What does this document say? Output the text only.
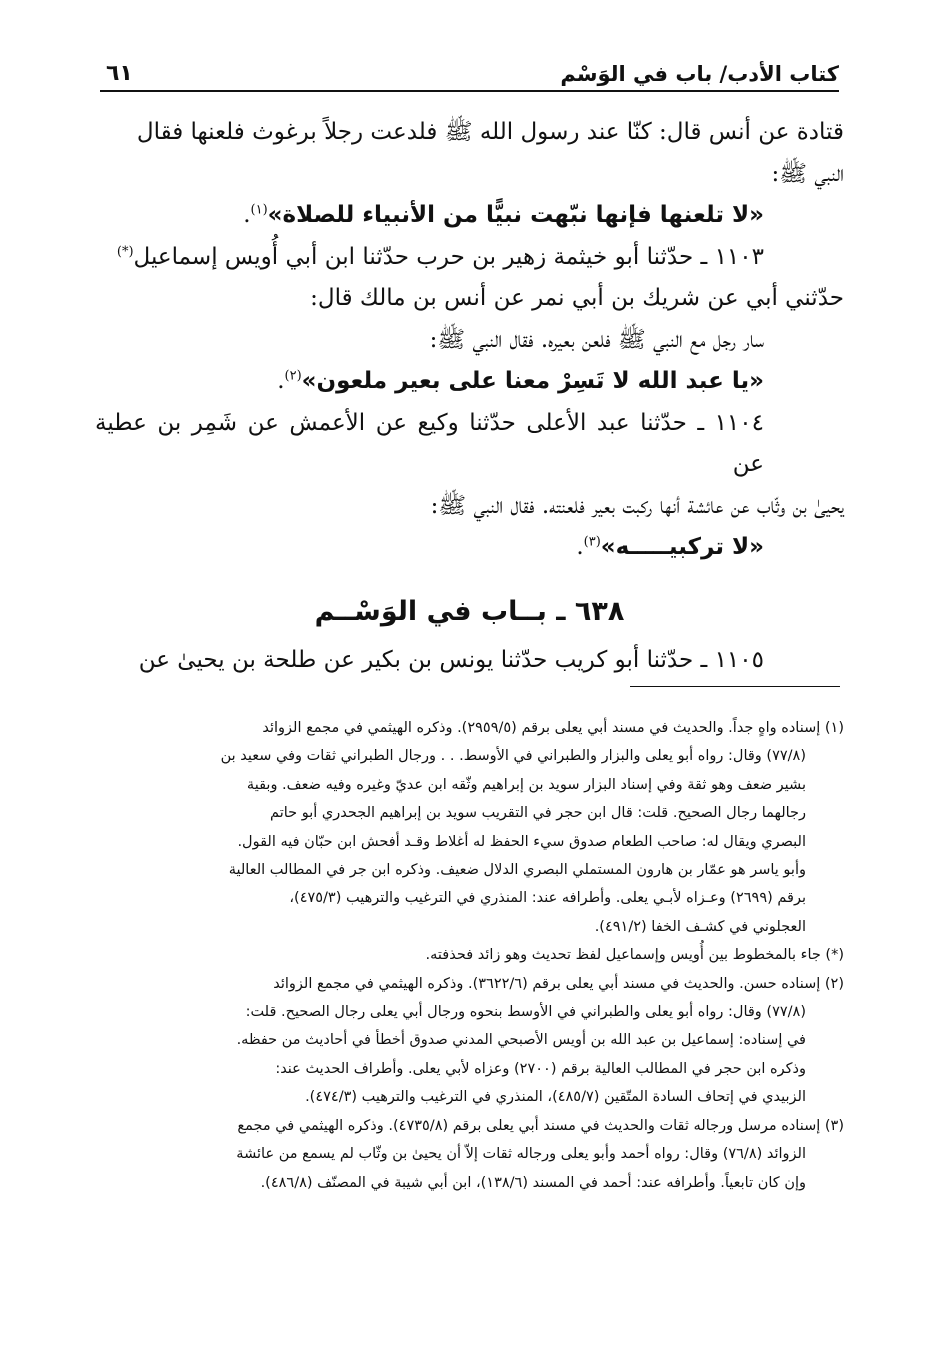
كتاب الأدب/ باب في الوَسْم
٦١

قتادة عن أنس قال: كنّا عند رسول الله ﷺ فلدعت رجلاً برغوث فلعنها فقال

النبي ﷺ:

«لا تلعنها فإنها نبّهت نبيًّا من الأنبياء للصلاة»$^{(١)}$.

١١٠٣ ـ حدّثنا أبو خيثمة زهير بن حرب حدّثنا ابن أبي أُويس إسماعيل(*)

حدّثني أبي عن شريك بن أبي نمر عن أنس بن مالك قال:

سار رجل مع النبي ﷺ فلعن بعيره. فقال النبي ﷺ:

«يا عبد الله لا تَسِرْ معنا على بعير ملعون»$^{(٢)}$.

١١٠٤ ـ حدّثنا عبد الأعلى حدّثنا وكيع عن الأعمش عن شَمِر بن عطية عن

يحيىٰ بن وثّاب عن عائشة أنها ركبت بعير فلعنته. فقال النبي ﷺ:

«لا تركبيـــــه»$^{(٣)}$.

٦٣٨ ـ بــاب في الوَسْــم

١١٠٥ ـ حدّثنا أبو كريب حدّثنا يونس بن بكير عن طلحة بن يحيىٰ عن

(١) إسناده واهٍ جداً. والحديث في مسند أبي يعلى برقم (٢٩٥٩/٥). وذكره الهيثمي في مجمع الزوائد
(٧٧/٨) وقال: رواه أبو يعلى والبزار والطبراني في الأوسط. . . ورجال الطبراني ثقات وفي سعيد بن
بشير ضعف وهو ثقة وفي إسناد البزار سويد بن إبراهيم وثّقه ابن عديّ وغيره وفيه ضعف. وبقية
رجالهما رجال الصحيح. قلت: قال ابن حجر في التقريب سويد بن إبراهيم الجحدري أبو حاتم
البصري ويقال له: صاحب الطعام صدوق سيء الحفظ له أغلاط وقـد أفحش ابن حبّان فيه القول.
وأبو ياسر هو عمّار بن هارون المستملي البصري الدلال ضعيف. وذكره ابن جر في المطالب العالية
برقم (٢٦٩٩) وعـزاه لأبـي يعلى. وأطرافه عند: المنذري في الترغيب والترهيب (٤٧٥/٣)،
العجلوني في كشـف الخفا (٤٩١/٢).
(*) جاء بالمخطوط بين أُويس وإسماعيل لفظ تحديث وهو زائد فحذفته.
(٢) إسناده حسن. والحديث في مسند أبي يعلى برقم (٣٦٢٢/٦). وذكره الهيثمي في مجمع الزوائد
(٧٧/٨) وقال: رواه أبو يعلى والطبراني في الأوسط بنحوه ورجال أبي يعلى رجال الصحيح. قلت:
في إسناده: إسماعيل بن عبد الله بن أويس الأصبحي المدني صدوق أخطأ في أحاديث من حفظه.
وذكره ابن حجر في المطالب العالية برقم (٢٧٠٠) وعزاه لأبي يعلى. وأطراف الحديث عند:
الزبيدي في إتحاف السادة المتّقين (٤٨٥/٧)، المنذري في الترغيب والترهيب (٤٧٤/٣).
(٣) إسناده مرسل ورجاله ثقات والحديث في مسند أبي يعلى برقم (٤٧٣٥/٨). وذكره الهيثمي في مجمع
الزوائد (٧٦/٨) وقال: رواه أحمد وأبو يعلى ورجاله ثقات إلاّ أن يحيىٰ بن وثّاب لم يسمع من عائشة
وإن كان تابعياً. وأطرافه عند: أحمد في المسند (١٣٨/٦)، ابن أبي شيبة في المصنّف (٤٨٦/٨).
